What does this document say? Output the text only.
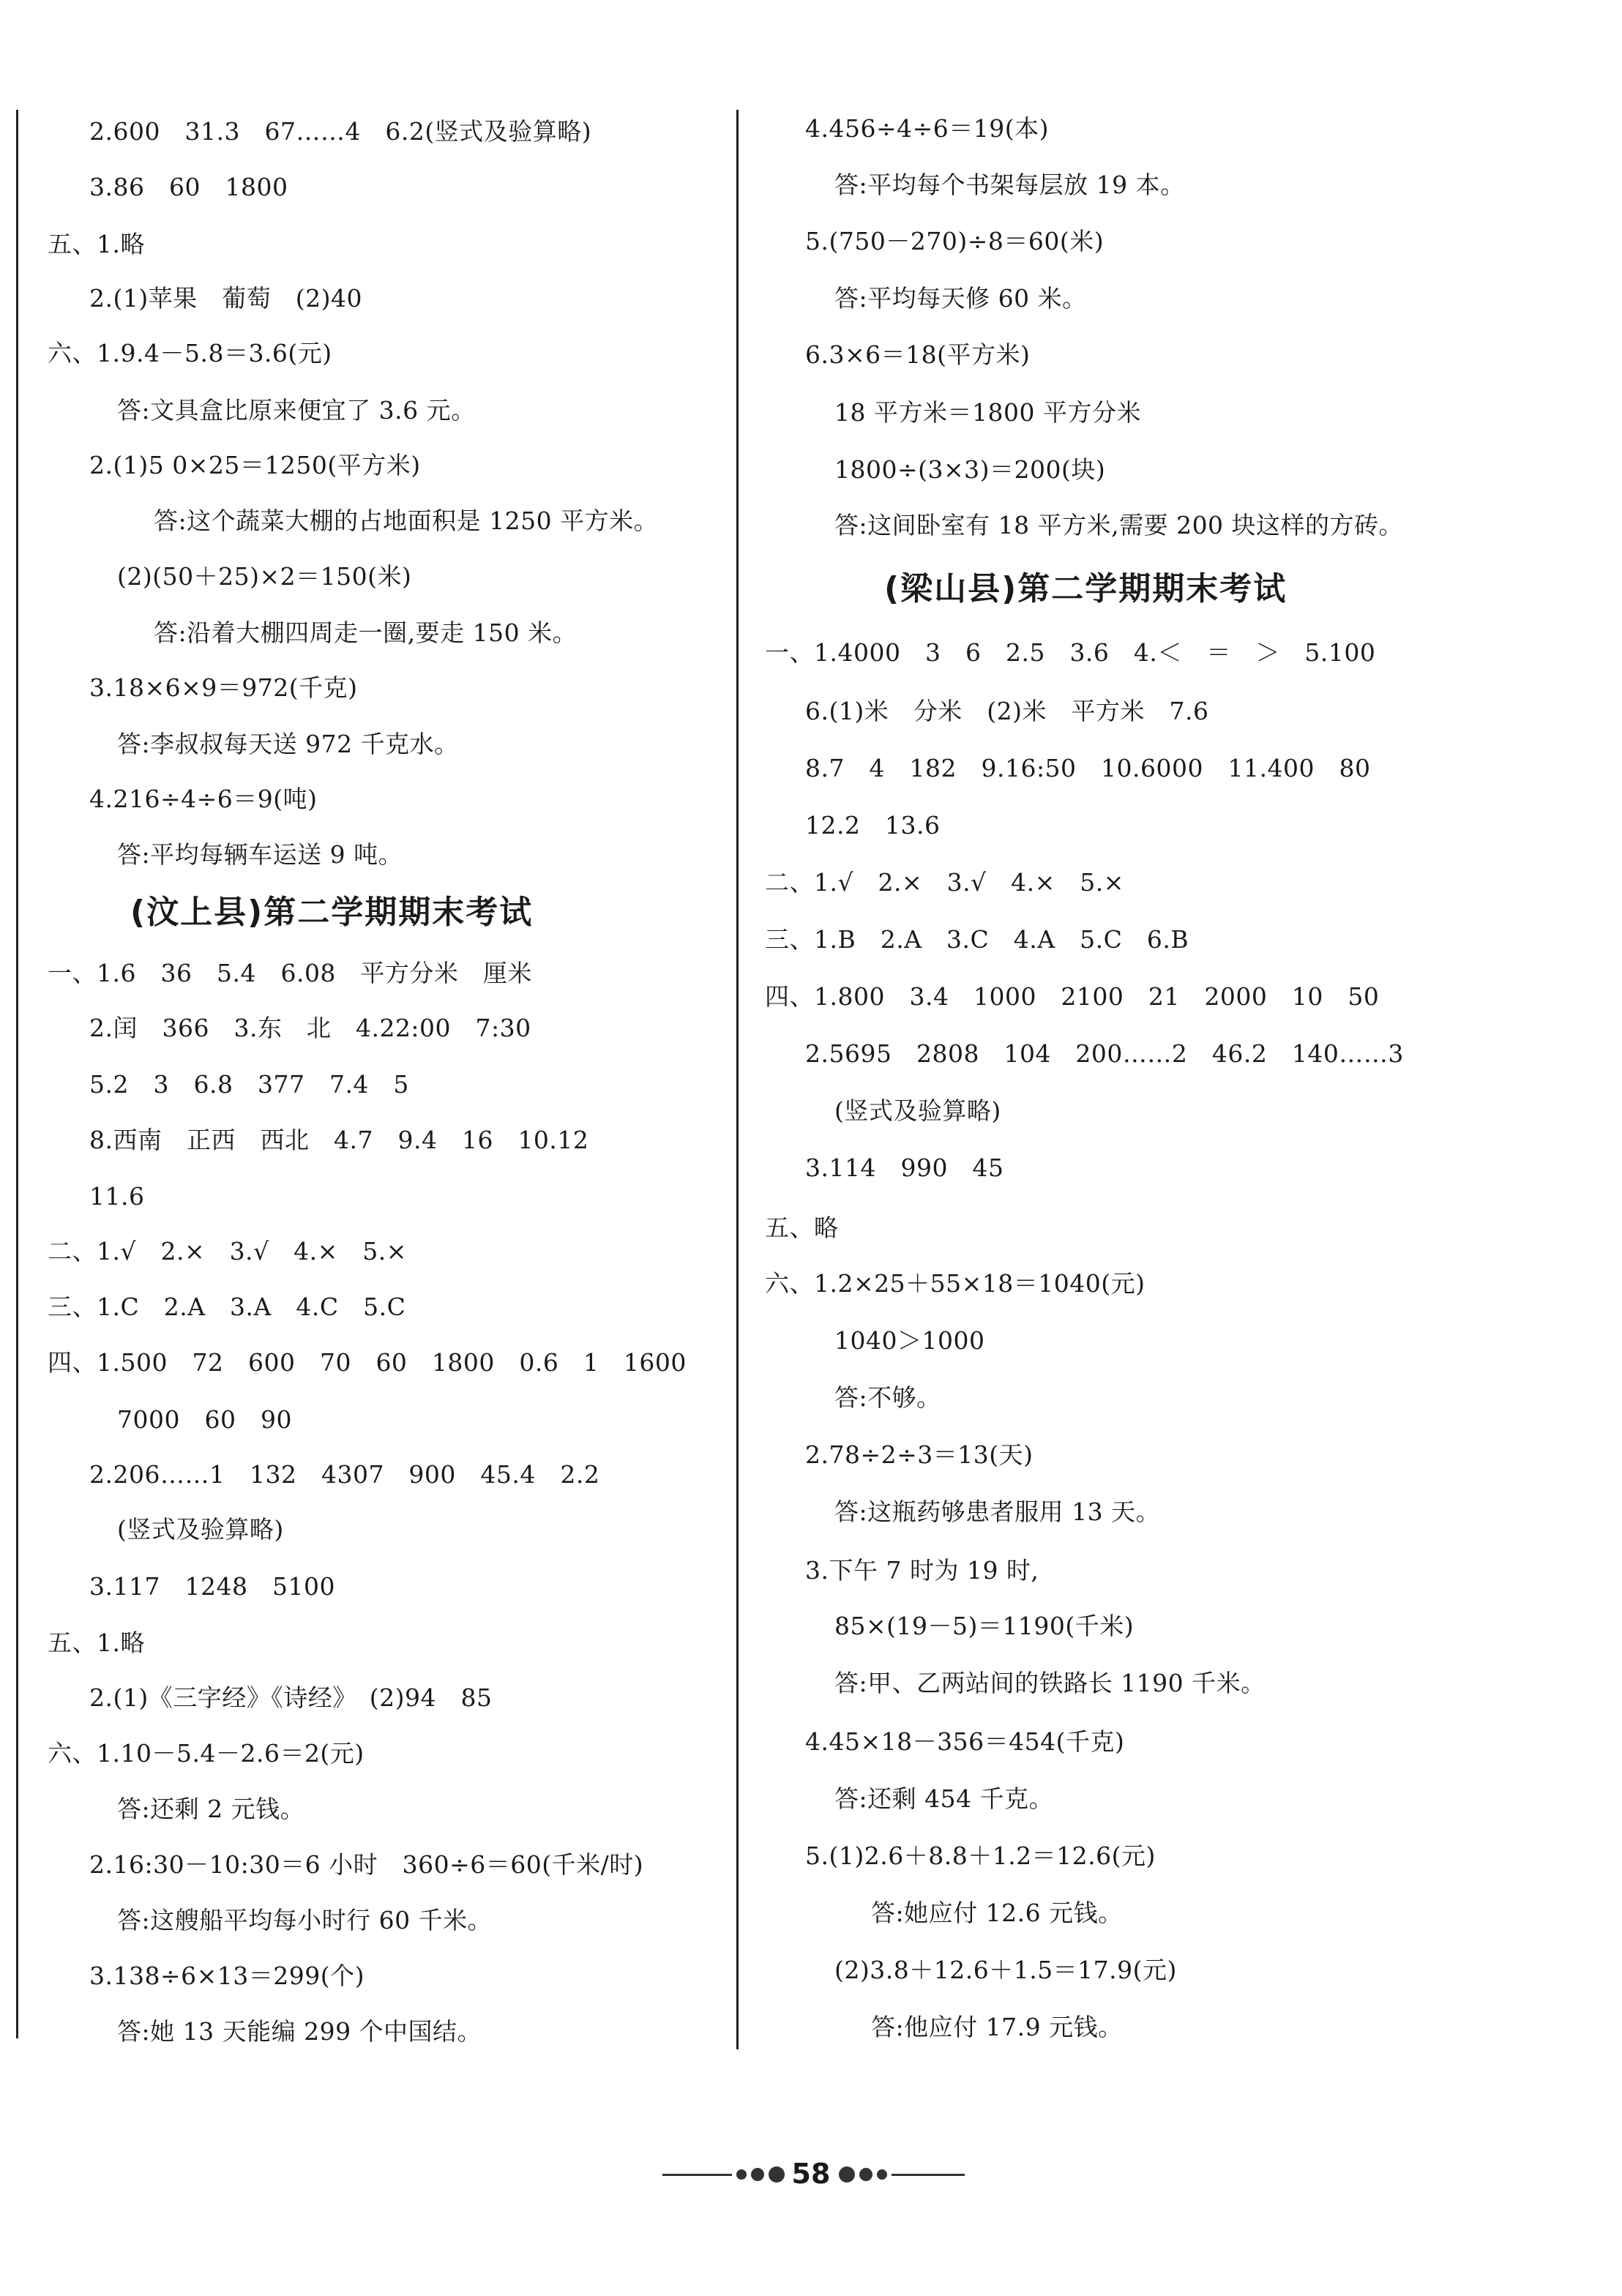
2.600　31.3　67……4　6.2(竖式及验算略)
3.86　60　1800
五、1.略
2.(1)苹果　葡萄　(2)40
六、1.9.4－5.8＝3.6(元)
答:文具盒比原来便宜了 3.6 元。
2.(1)5 0×25＝1250(平方米)
答:这个蔬菜大棚的占地面积是 1250 平方米。
(2)(50＋25)×2＝150(米)
答:沿着大棚四周走一圈,要走 150 米。
3.18×6×9＝972(千克)
答:李叔叔每天送 972 千克水。
4.216÷4÷6＝9(吨)
答:平均每辆车运送 9 吨。
(汶上县)第二学期期末考试
一、1.6　36　5.4　6.08　平方分米　厘米
2.闰　366　3.东　北　4.22:00　7:30
5.2　3　6.8　377　7.4　5
8.西南　正西　西北　4.7　9.4　16　10.12
11.6
二、1.√　2.×　3.√　4.×　5.×
三、1.C　2.A　3.A　4.C　5.C
四、1.500　72　600　70　60　1800　0.6　1　1600
7000　60　90
2.206……1　132　4307　900　45.4　2.2
(竖式及验算略)
3.117　1248　5100
五、1.略
2.(1)《三字经》《诗经》　(2)94　85
六、1.10－5.4－2.6＝2(元)
答:还剩 2 元钱。
2.16:30－10:30＝6 小时　360÷6＝60(千米/时)
答:这艘船平均每小时行 60 千米。
3.138÷6×13＝299(个)
答:她 13 天能编 299 个中国结。
4.456÷4÷6＝19(本)
答:平均每个书架每层放 19 本。
5.(750－270)÷8＝60(米)
答:平均每天修 60 米。
6.3×6＝18(平方米)
18 平方米＝1800 平方分米
1800÷(3×3)＝200(块)
答:这间卧室有 18 平方米,需要 200 块这样的方砖。
(梁山县)第二学期期末考试
一、1.4000　3　6　2.5　3.6　4.＜　＝　＞　5.100
6.(1)米　分米　(2)米　平方米　7.6
8.7　4　182　9.16:50　10.6000　11.400　80
12.2　13.6
二、1.√　2.×　3.√　4.×　5.×
三、1.B　2.A　3.C　4.A　5.C　6.B
四、1.800　3.4　1000　2100　21　2000　10　50
2.5695　2808　104　200……2　46.2　140……3
(竖式及验算略)
3.114　990　45
五、略
六、1.2×25＋55×18＝1040(元)
1040＞1000
答:不够。
2.78÷2÷3＝13(天)
答:这瓶药够患者服用 13 天。
3.下午 7 时为 19 时,
85×(19－5)＝1190(千米)
答:甲、乙两站间的铁路长 1190 千米。
4.45×18－356＝454(千克)
答:还剩 454 千克。
5.(1)2.6＋8.8＋1.2＝12.6(元)
答:她应付 12.6 元钱。
(2)3.8＋12.6＋1.5＝17.9(元)
答:他应付 17.9 元钱。
58
